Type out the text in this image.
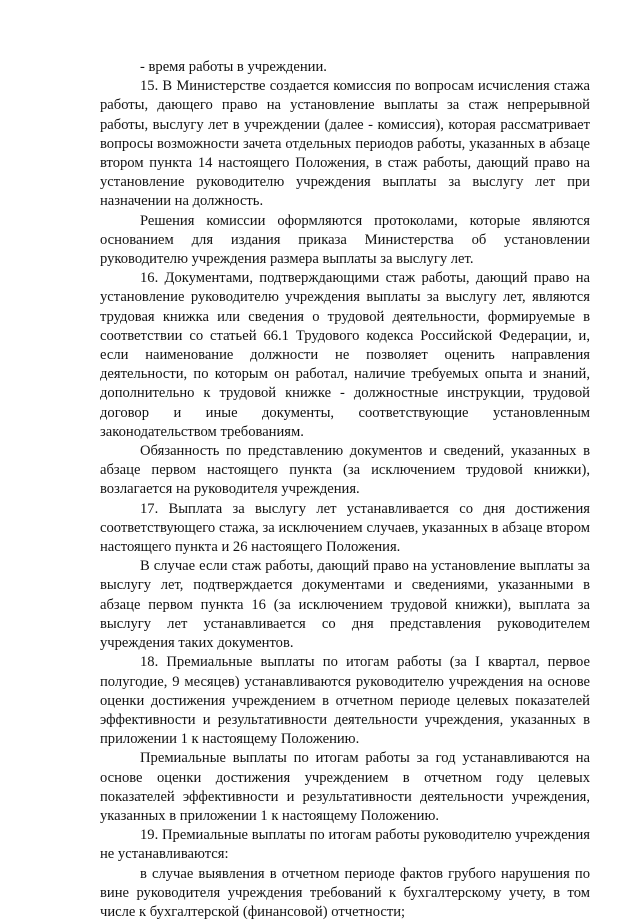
- время работы в учреждении.

15. В Министерстве создается комиссия по вопросам исчисления стажа работы, дающего право на установление выплаты за стаж непрерывной работы, выслугу лет в учреждении (далее - комиссия), которая рассматривает вопросы возможности зачета отдельных периодов работы, указанных в абзаце втором пункта 14 настоящего Положения, в стаж работы, дающий право на установление руководителю учреждения выплаты за выслугу лет при назначении на должность.

Решения комиссии оформляются протоколами, которые являются основанием для издания приказа Министерства об установлении руководителю учреждения размера выплаты за выслугу лет.

16. Документами, подтверждающими стаж работы, дающий право на установление руководителю учреждения выплаты за выслугу лет, являются трудовая книжка или сведения о трудовой деятельности, формируемые в соответствии со статьей 66.1 Трудового кодекса Российской Федерации, и, если наименование должности не позволяет оценить направления деятельности, по которым он работал, наличие требуемых опыта и знаний, дополнительно к трудовой книжке - должностные инструкции, трудовой договор и иные документы, соответствующие установленным законодательством требованиям.

Обязанность по представлению документов и сведений, указанных в абзаце первом настоящего пункта (за исключением трудовой книжки), возлагается на руководителя учреждения.

17. Выплата за выслугу лет устанавливается со дня достижения соответствующего стажа, за исключением случаев, указанных в абзаце втором настоящего пункта и 26 настоящего Положения.

В случае если стаж работы, дающий право на установление выплаты за выслугу лет, подтверждается документами и сведениями, указанными в абзаце первом пункта 16 (за исключением трудовой книжки), выплата за выслугу лет устанавливается со дня представления руководителем учреждения таких документов.

18. Премиальные выплаты по итогам работы (за I квартал, первое полугодие, 9 месяцев) устанавливаются руководителю учреждения на основе оценки достижения учреждением в отчетном периоде целевых показателей эффективности и результативности деятельности учреждения, указанных в приложении 1 к настоящему Положению.

Премиальные выплаты по итогам работы за год устанавливаются на основе оценки достижения учреждением в отчетном году целевых показателей эффективности и результативности деятельности учреждения, указанных в приложении 1 к настоящему Положению.

19. Премиальные выплаты по итогам работы руководителю учреждения не устанавливаются:

в случае выявления в отчетном периоде фактов грубого нарушения по вине руководителя учреждения требований к бухгалтерскому учету, в том числе к бухгалтерской (финансовой) отчетности;
